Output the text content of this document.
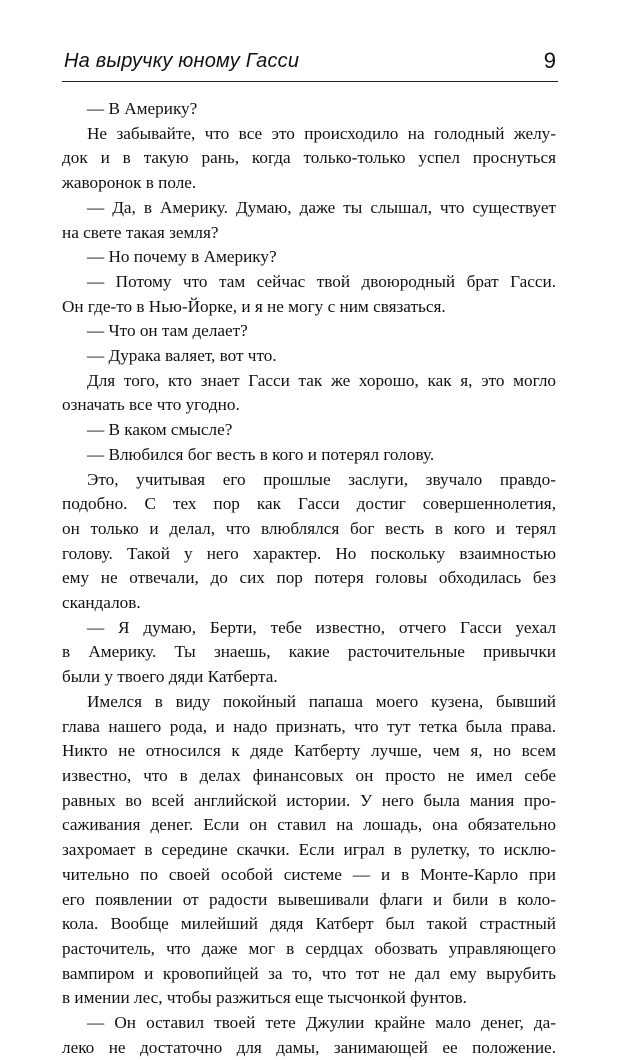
На выручку юному Гасси	9
— В Америку?
Не забывайте, что все это происходило на голодный желу-
док и в такую рань, когда только-только успел проснуться
жаворонок в поле.
— Да, в Америку. Думаю, даже ты слышал, что существует
на свете такая земля?
— Но почему в Америку?
— Потому что там сейчас твой двоюродный брат Гасси.
Он где-то в Нью-Йорке, и я не могу с ним связаться.
— Что он там делает?
— Дурака валяет, вот что.
Для того, кто знает Гасси так же хорошо, как я, это могло
означать все что угодно.
— В каком смысле?
— Влюбился бог весть в кого и потерял голову.
Это, учитывая его прошлые заслуги, звучало правдо-
подобно. С тех пор как Гасси достиг совершеннолетия,
он только и делал, что влюблялся бог весть в кого и терял
голову. Такой у него характер. Но поскольку взаимностью
ему не отвечали, до сих пор потеря головы обходилась без
скандалов.
— Я думаю, Берти, тебе известно, отчего Гасси уехал
в Америку. Ты знаешь, какие расточительные привычки
были у твоего дяди Катберта.
Имелся в виду покойный папаша моего кузена, бывший
глава нашего рода, и надо признать, что тут тетка была права.
Никто не относился к дяде Катберту лучше, чем я, но всем
известно, что в делах финансовых он просто не имел себе
равных во всей английской истории. У него была мания про-
саживания денег. Если он ставил на лошадь, она обязательно
захромает в середине скачки. Если играл в рулетку, то исклю-
чительно по своей особой системе — и в Монте-Карло при
его появлении от радости вывешивали флаги и били в коло-
кола. Вообще милейший дядя Катберт был такой страстный
расточитель, что даже мог в сердцах обозвать управляющего
вампиром и кровопийцей за то, что тот не дал ему вырубить
в имении лес, чтобы разжиться еще тысчонкой фунтов.
— Он оставил твоей тете Джулии крайне мало денег, да-
леко не достаточно для дамы, занимающей ее положение.
